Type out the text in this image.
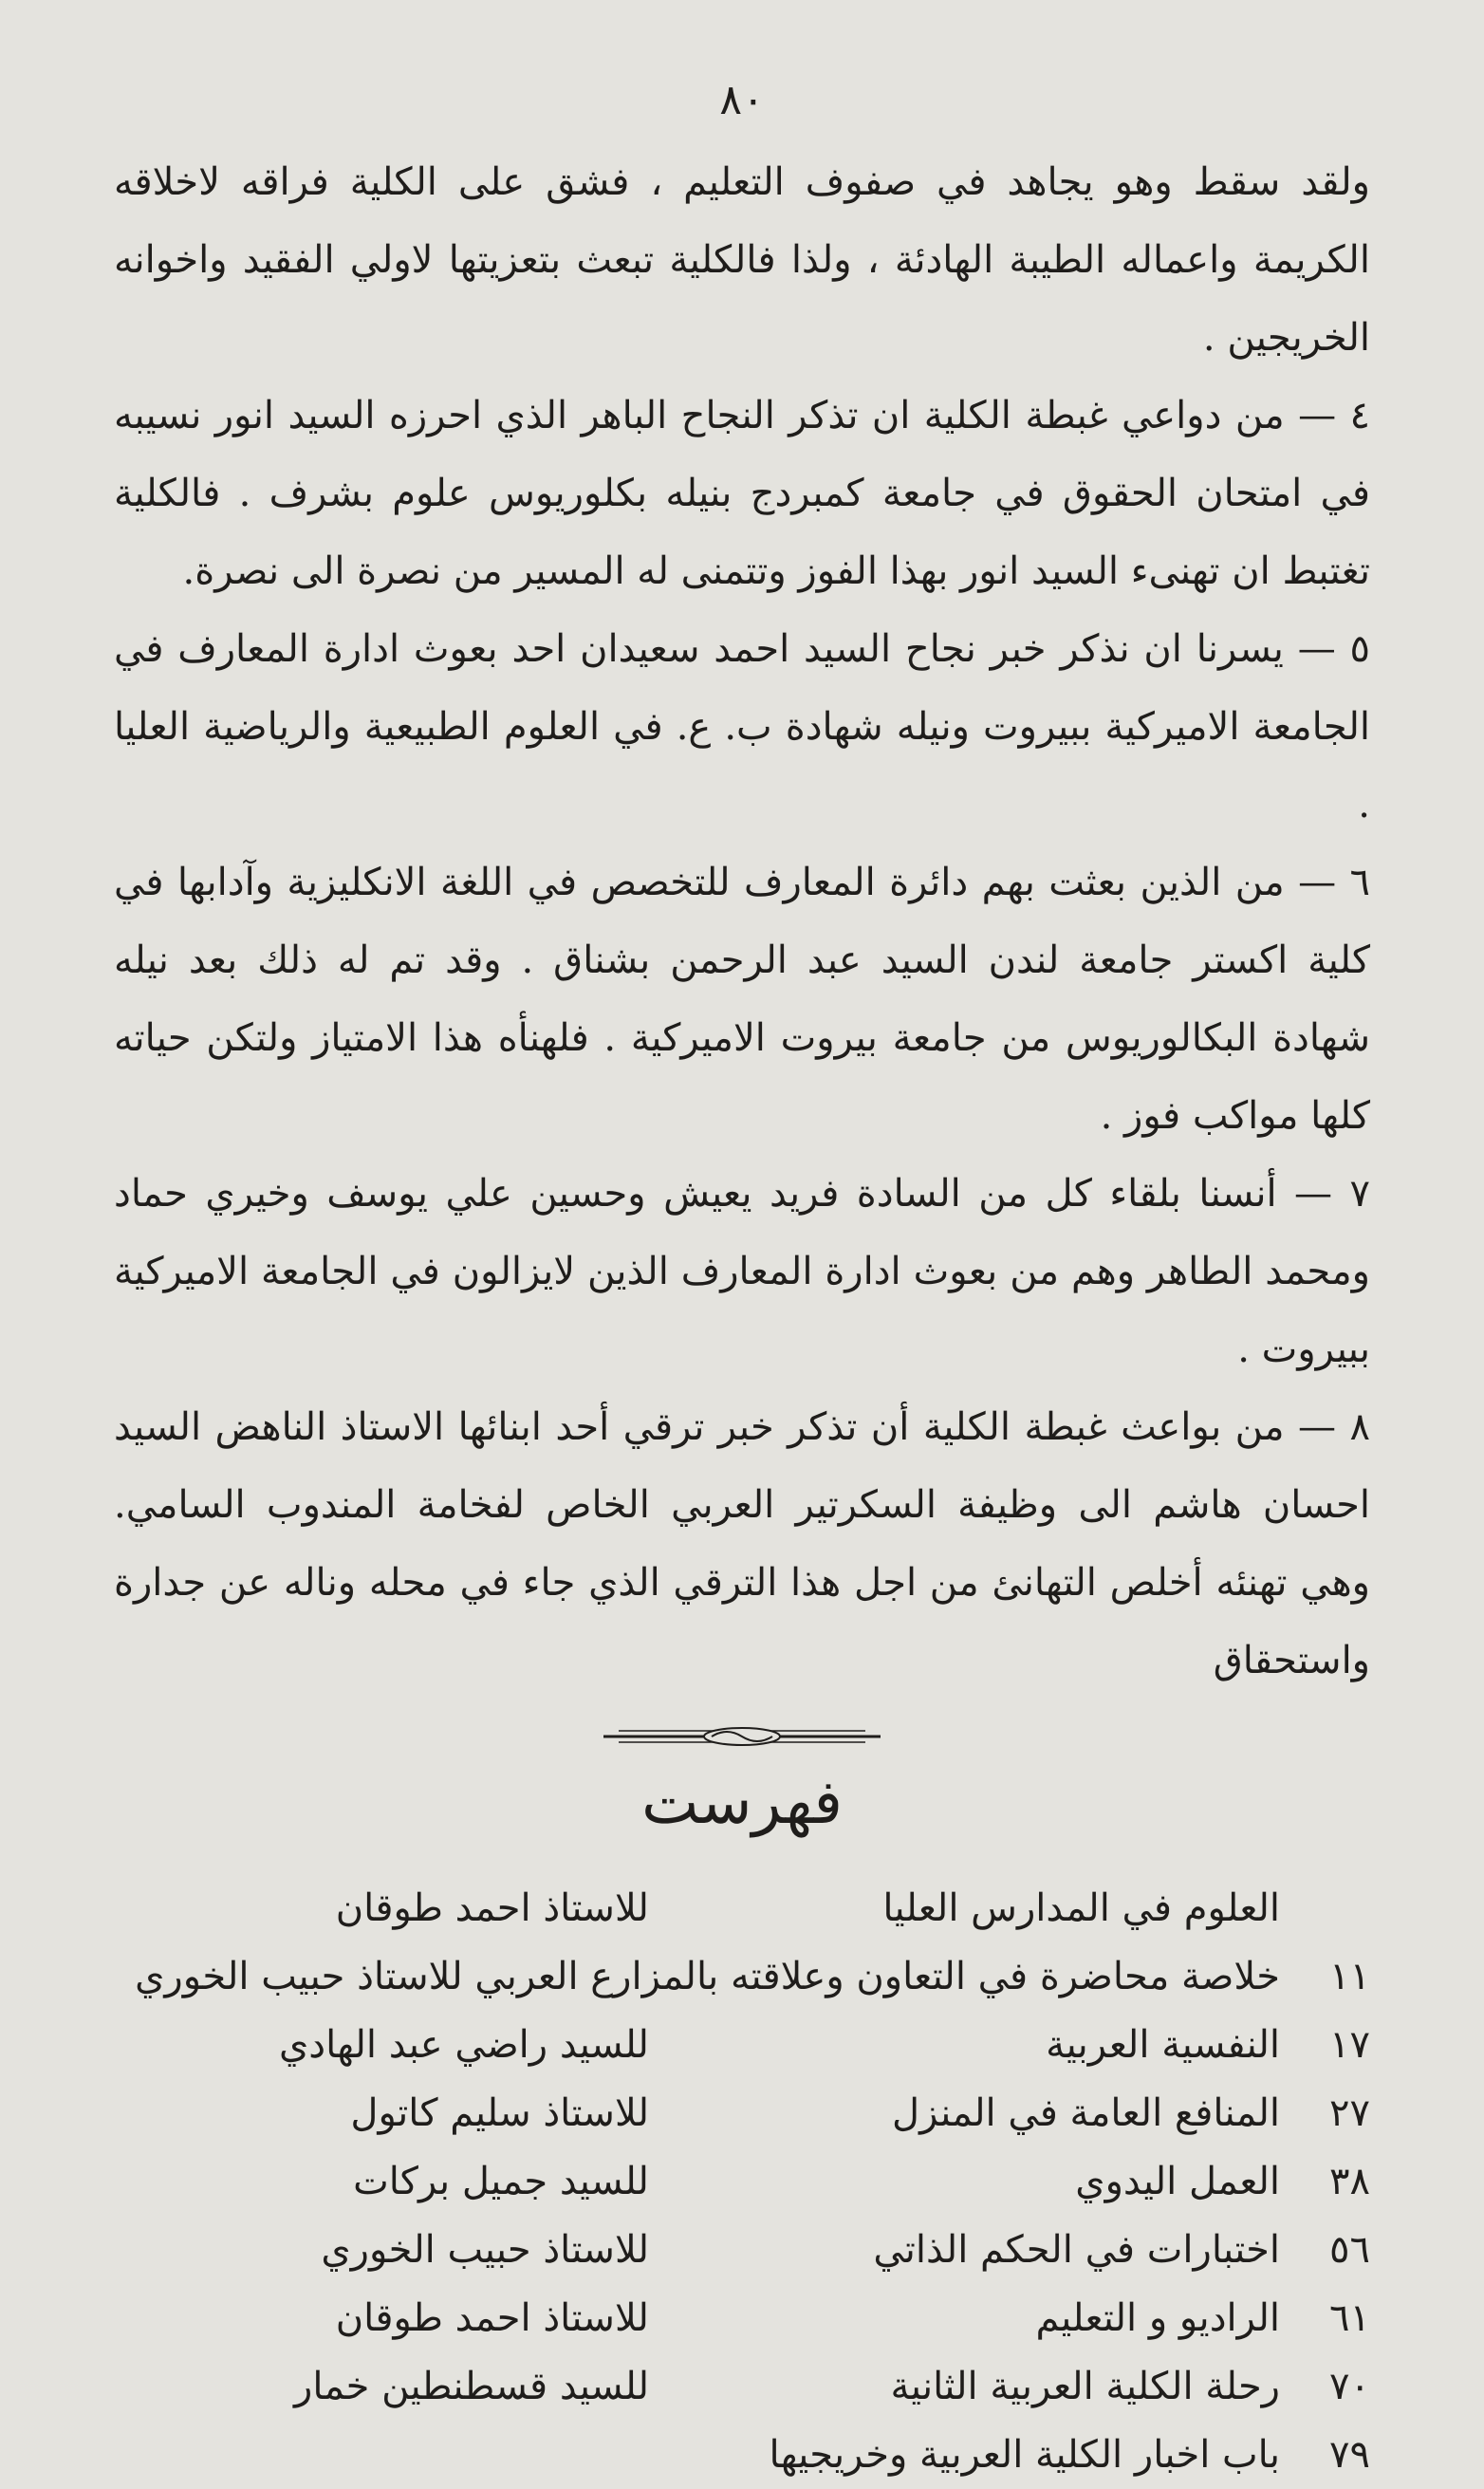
٨٠

ولقد سقط وهو يجاهد في صفوف التعليم ، فشق على الكلية فراقه لاخلاقه الكريمة واعماله الطيبة الهادئة ، ولذا فالكلية تبعث بتعزيتها لاولي الفقيد واخوانه الخريجين .

٤ — من دواعي غبطة الكلية ان تذكر النجاح الباهر الذي احرزه السيد انور نسيبه في امتحان الحقوق في جامعة كمبردج بنيله بكلوريوس علوم بشرف . فالكلية تغتبط ان تهنىء السيد انور بهذا الفوز وتتمنى له المسير من نصرة الى نصرة.

٥ — يسرنا ان نذكر خبر نجاح السيد احمد سعيدان احد بعوث ادارة المعارف في الجامعة الاميركية ببيروت ونيله شهادة ب. ع. في العلوم الطبيعية والرياضية العليا .

٦ — من الذين بعثت بهم دائرة المعارف للتخصص في اللغة الانكليزية وآدابها في كلية اكستر جامعة لندن السيد عبد الرحمن بشناق . وقد تم له ذلك بعد نيله شهادة البكالوريوس من جامعة بيروت الاميركية . فلهنأه هذا الامتياز ولتكن حياته كلها مواكب فوز .

٧ — أنسنا بلقاء كل من السادة فريد يعيش وحسين علي يوسف وخيري حماد ومحمد الطاهر وهم من بعوث ادارة المعارف الذين لايزالون في الجامعة الاميركية ببيروت .

٨ — من بواعث غبطة الكلية أن تذكر خبر ترقي أحد ابنائها الاستاذ الناهض السيد احسان هاشم الى وظيفة السكرتير العربي الخاص لفخامة المندوب السامي. وهي تهنئه أخلص التهانئ من اجل هذا الترقي الذي جاء في محله وناله عن جدارة واستحقاق

فهرست
العلوم في المدارس العليا
للاستاذ احمد طوقان
١١
خلاصة محاضرة في التعاون وعلاقته بالمزارع العربي للاستاذ حبيب الخوري
١٧
النفسية العربية
للسيد راضي عبد الهادي
٢٧
المنافع العامة في المنزل
للاستاذ سليم كاتول
٣٨
العمل اليدوي
للسيد جميل بركات
٥٦
اختبارات في الحكم الذاتي
للاستاذ حبيب الخوري
٦١
الراديو و التعليم
للاستاذ احمد طوقان
٧٠
رحلة الكلية العربية الثانية
للسيد قسطنطين خمار
٧٩
باب اخبار الكلية العربية وخريجيها
